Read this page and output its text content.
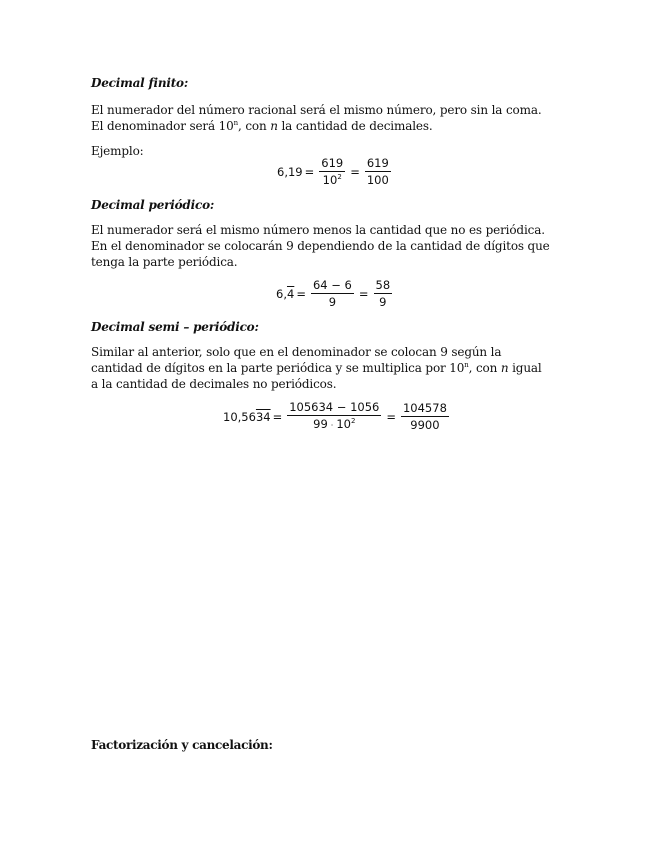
Decimal finito:
El numerador del número racional será el mismo número, pero sin la coma. El denominador será 10$^n$, con n la cantidad de decimales.
Ejemplo:
$6,19 = \frac{619}{10^2} = \frac{619}{100}$
Decimal periódico:
El numerador será el mismo número menos la cantidad que no es periódica. En el denominador se colocarán 9 dependiendo de la cantidad de dígitos que tenga la parte periódica.
$6,4 = \frac{64 - 6}{9} = \frac{58}{9}$
Decimal semi – periódico:
Similar al anterior, solo que en el denominador se colocan 9 según la cantidad de dígitos en la parte periódica y se multiplica por 10$^n$, con n igual a la cantidad de decimales no periódicos.
$10,5634 = \frac{105634 - 1056}{99 \cdot 10^2} = \frac{104578}{9900}$
Factorización y cancelación:
